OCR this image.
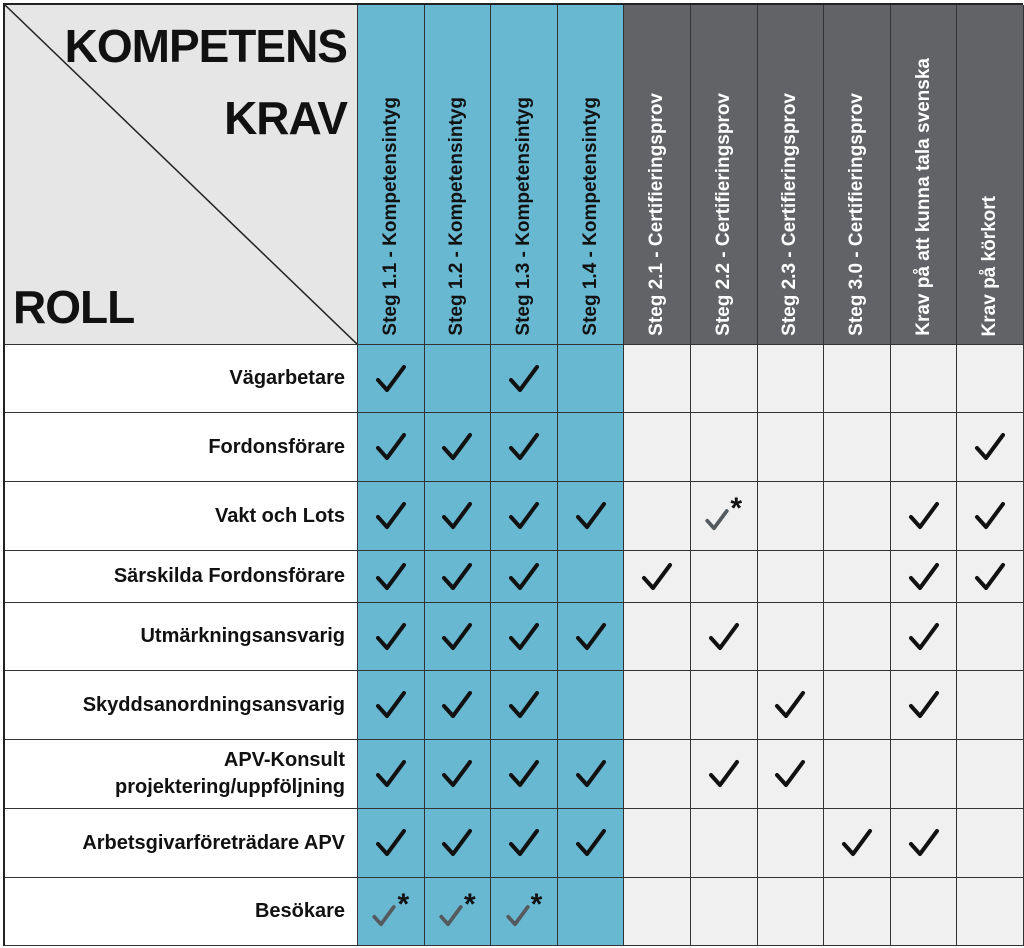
KOMPETENS
KRAV
ROLL	Steg 1.1 - Kompetensintyg Steg 1.2 - Kompetensintyg Steg 1.3 - Kompetensintyg Steg 1.4 - Kompetensintyg Steg 2.1 - Certifieringsprov Steg 2.2 - Certifieringsprov Steg 2.3 - Certifieringsprov Steg 3.0 - Certifieringsprov Krav på att kunna tala svenska Krav på körkort
Vägarbetare
Fordonsförare
Vakt och Lots	*
Särskilda Fordonsförare
Utmärkningsansvarig
Skyddsanordningsansvarig
APV-Konsult
projektering/uppföljning
Arbetsgivarföreträdare APV
Besökare * * *
